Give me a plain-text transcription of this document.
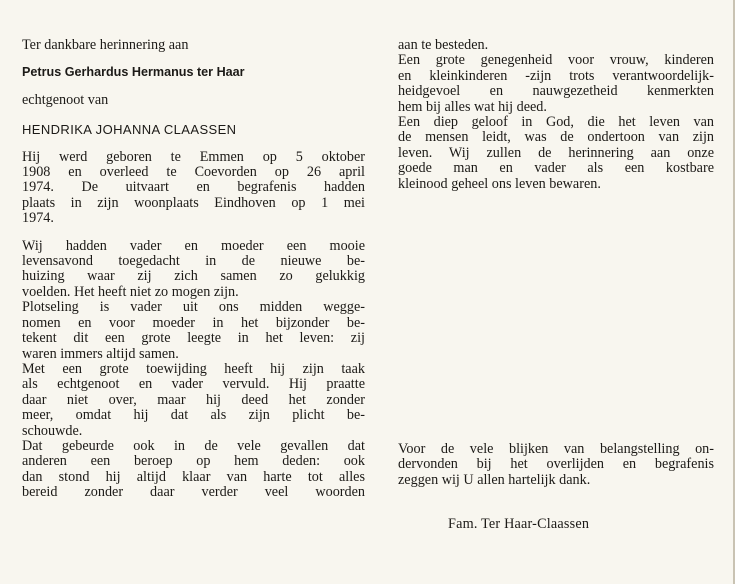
Ter dankbare herinnering aan
Petrus Gerhardus Hermanus ter Haar
echtgenoot van
HENDRIKA JOHANNA CLAASSEN
Hij werd geboren te Emmen op 5 oktober
1908 en overleed te Coevorden op 26 april
1974. De uitvaart en begrafenis hadden
plaats in zijn woonplaats Eindhoven op 1 mei
1974.
Wij hadden vader en moeder een mooie
levensavond toegedacht in de nieuwe be-
huizing waar zij zich samen zo gelukkig
voelden. Het heeft niet zo mogen zijn.
Plotseling is vader uit ons midden wegge-
nomen en voor moeder in het bijzonder be-
tekent dit een grote leegte in het leven: zij
waren immers altijd samen.
Met een grote toewijding heeft hij zijn taak
als echtgenoot en vader vervuld. Hij praatte
daar niet over, maar hij deed het zonder
meer, omdat hij dat als zijn plicht be-
schouwde.
Dat gebeurde ook in de vele gevallen dat
anderen een beroep op hem deden: ook
dan stond hij altijd klaar van harte tot alles
bereid zonder daar verder veel woorden
aan te besteden.
Een grote genegenheid voor vrouw, kinderen
en kleinkinderen -zijn trots verantwoordelijk-
heidgevoel en nauwgezetheid kenmerkten
hem bij alles wat hij deed.
Een diep geloof in God, die het leven van
de mensen leidt, was de ondertoon van zijn
leven. Wij zullen de herinnering aan onze
goede man en vader als een kostbare
kleinood geheel ons leven bewaren.
Voor de vele blijken van belangstelling on-
dervonden bij het overlijden en begrafenis
zeggen wij U allen hartelijk dank.
Fam. Ter Haar-Claassen
